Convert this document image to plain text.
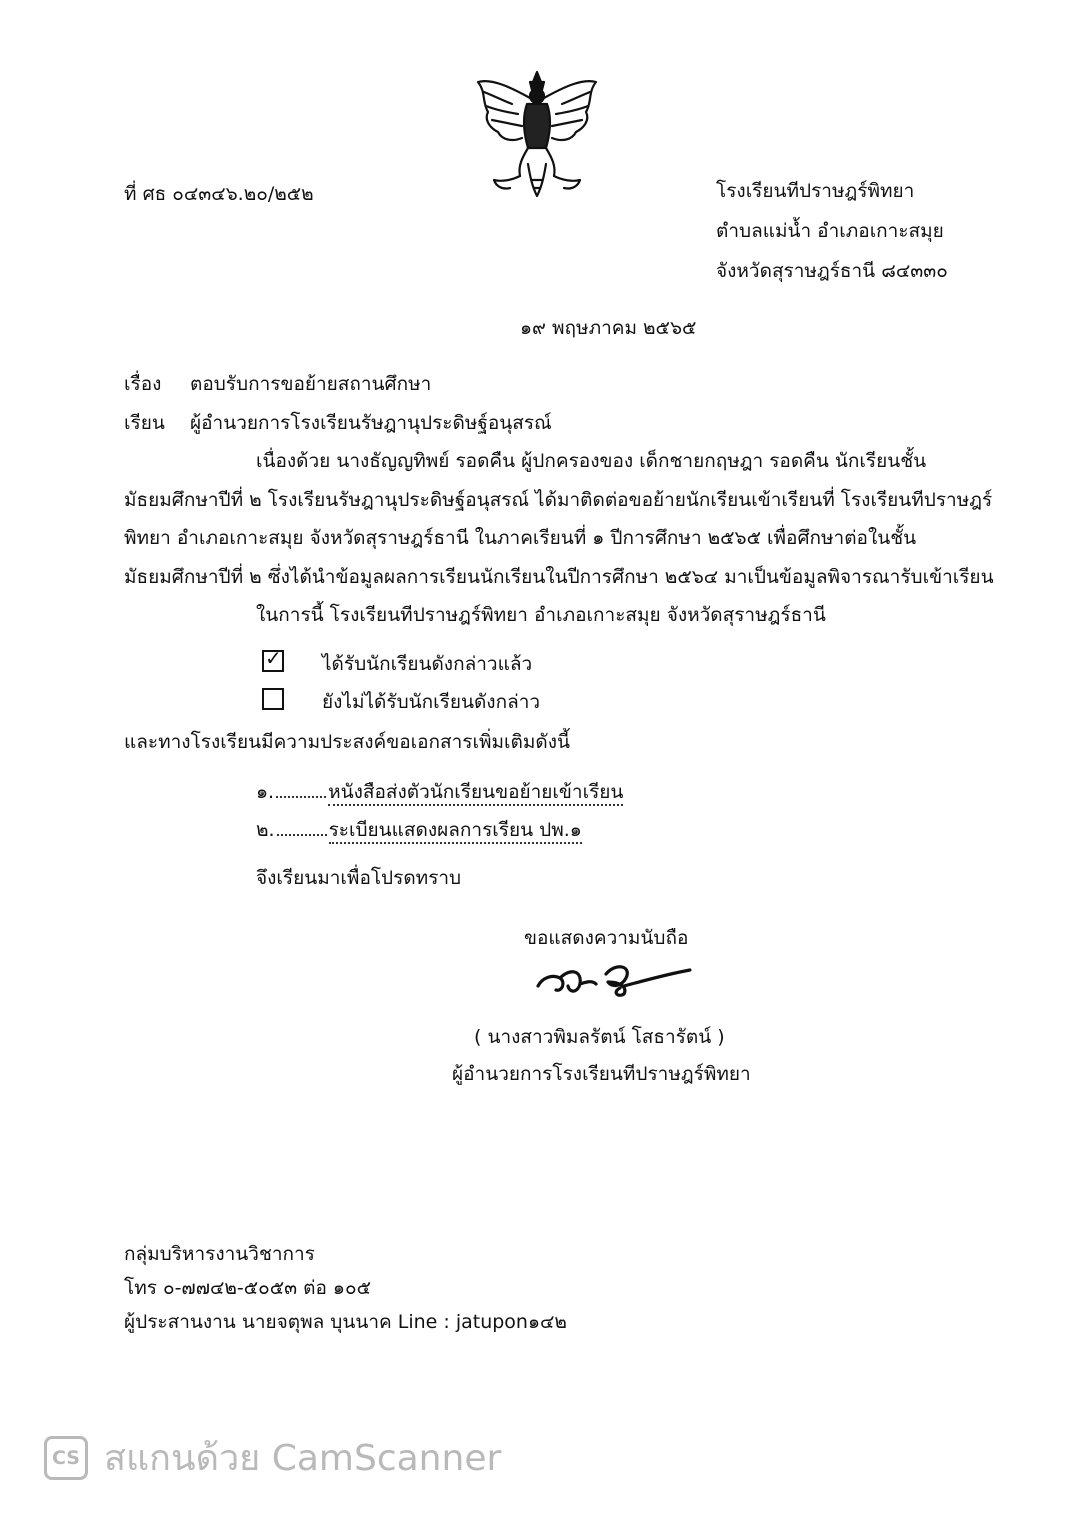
ที่ ศธ ๐๔๓๔๖.๒๐/๒๕๒	โรงเรียนทีปราษฎร์พิทยา
ตำบลแม่น้ำ อำเภอเกาะสมุย
จังหวัดสุราษฎร์ธานี ๘๔๓๓๐
๑๙ พฤษภาคม ๒๕๖๕
เรื่อง ตอบรับการขอย้ายสถานศึกษา
เรียน ผู้อำนวยการโรงเรียนรัษฎานุประดิษฐ์อนุสรณ์
เนื่องด้วย นางธัญญทิพย์ รอดคืน ผู้ปกครองของ เด็กชายกฤษฎา รอดคืน นักเรียนชั้น
มัธยมศึกษาปีที่ ๒ โรงเรียนรัษฎานุประดิษฐ์อนุสรณ์ ได้มาติดต่อขอย้ายนักเรียนเข้าเรียนที่ โรงเรียนทีปราษฎร์
พิทยา อำเภอเกาะสมุย จังหวัดสุราษฎร์ธานี ในภาคเรียนที่ ๑ ปีการศึกษา ๒๕๖๕ เพื่อศึกษาต่อในชั้น
มัธยมศึกษาปีที่ ๒ ซึ่งได้นำข้อมูลผลการเรียนนักเรียนในปีการศึกษา ๒๕๖๔ มาเป็นข้อมูลพิจารณารับเข้าเรียน
ในการนี้ โรงเรียนทีปราษฎร์พิทยา อำเภอเกาะสมุย จังหวัดสุราษฎร์ธานี
✓ ได้รับนักเรียนดังกล่าวแล้ว
ยังไม่ได้รับนักเรียนดังกล่าว
และทางโรงเรียนมีความประสงค์ขอเอกสารเพิ่มเติมดังนี้
๑.	หนังสือส่งตัวนักเรียนขอย้ายเข้าเรียน
๒.	ระเบียนแสดงผลการเรียน ปพ.๑
จึงเรียนมาเพื่อโปรดทราบ
ขอแสดงความนับถือ
( นางสาวพิมลรัตน์ โสธารัตน์ )
ผู้อำนวยการโรงเรียนทีปราษฎร์พิทยา
กลุ่มบริหารงานวิชาการ
โทร ๐-๗๗๔๒-๕๐๕๓ ต่อ ๑๐๕
ผู้ประสานงาน นายจตุพล บุนนาค Line : jatupon๑๔๒
CS สแกนด้วย CamScanner
